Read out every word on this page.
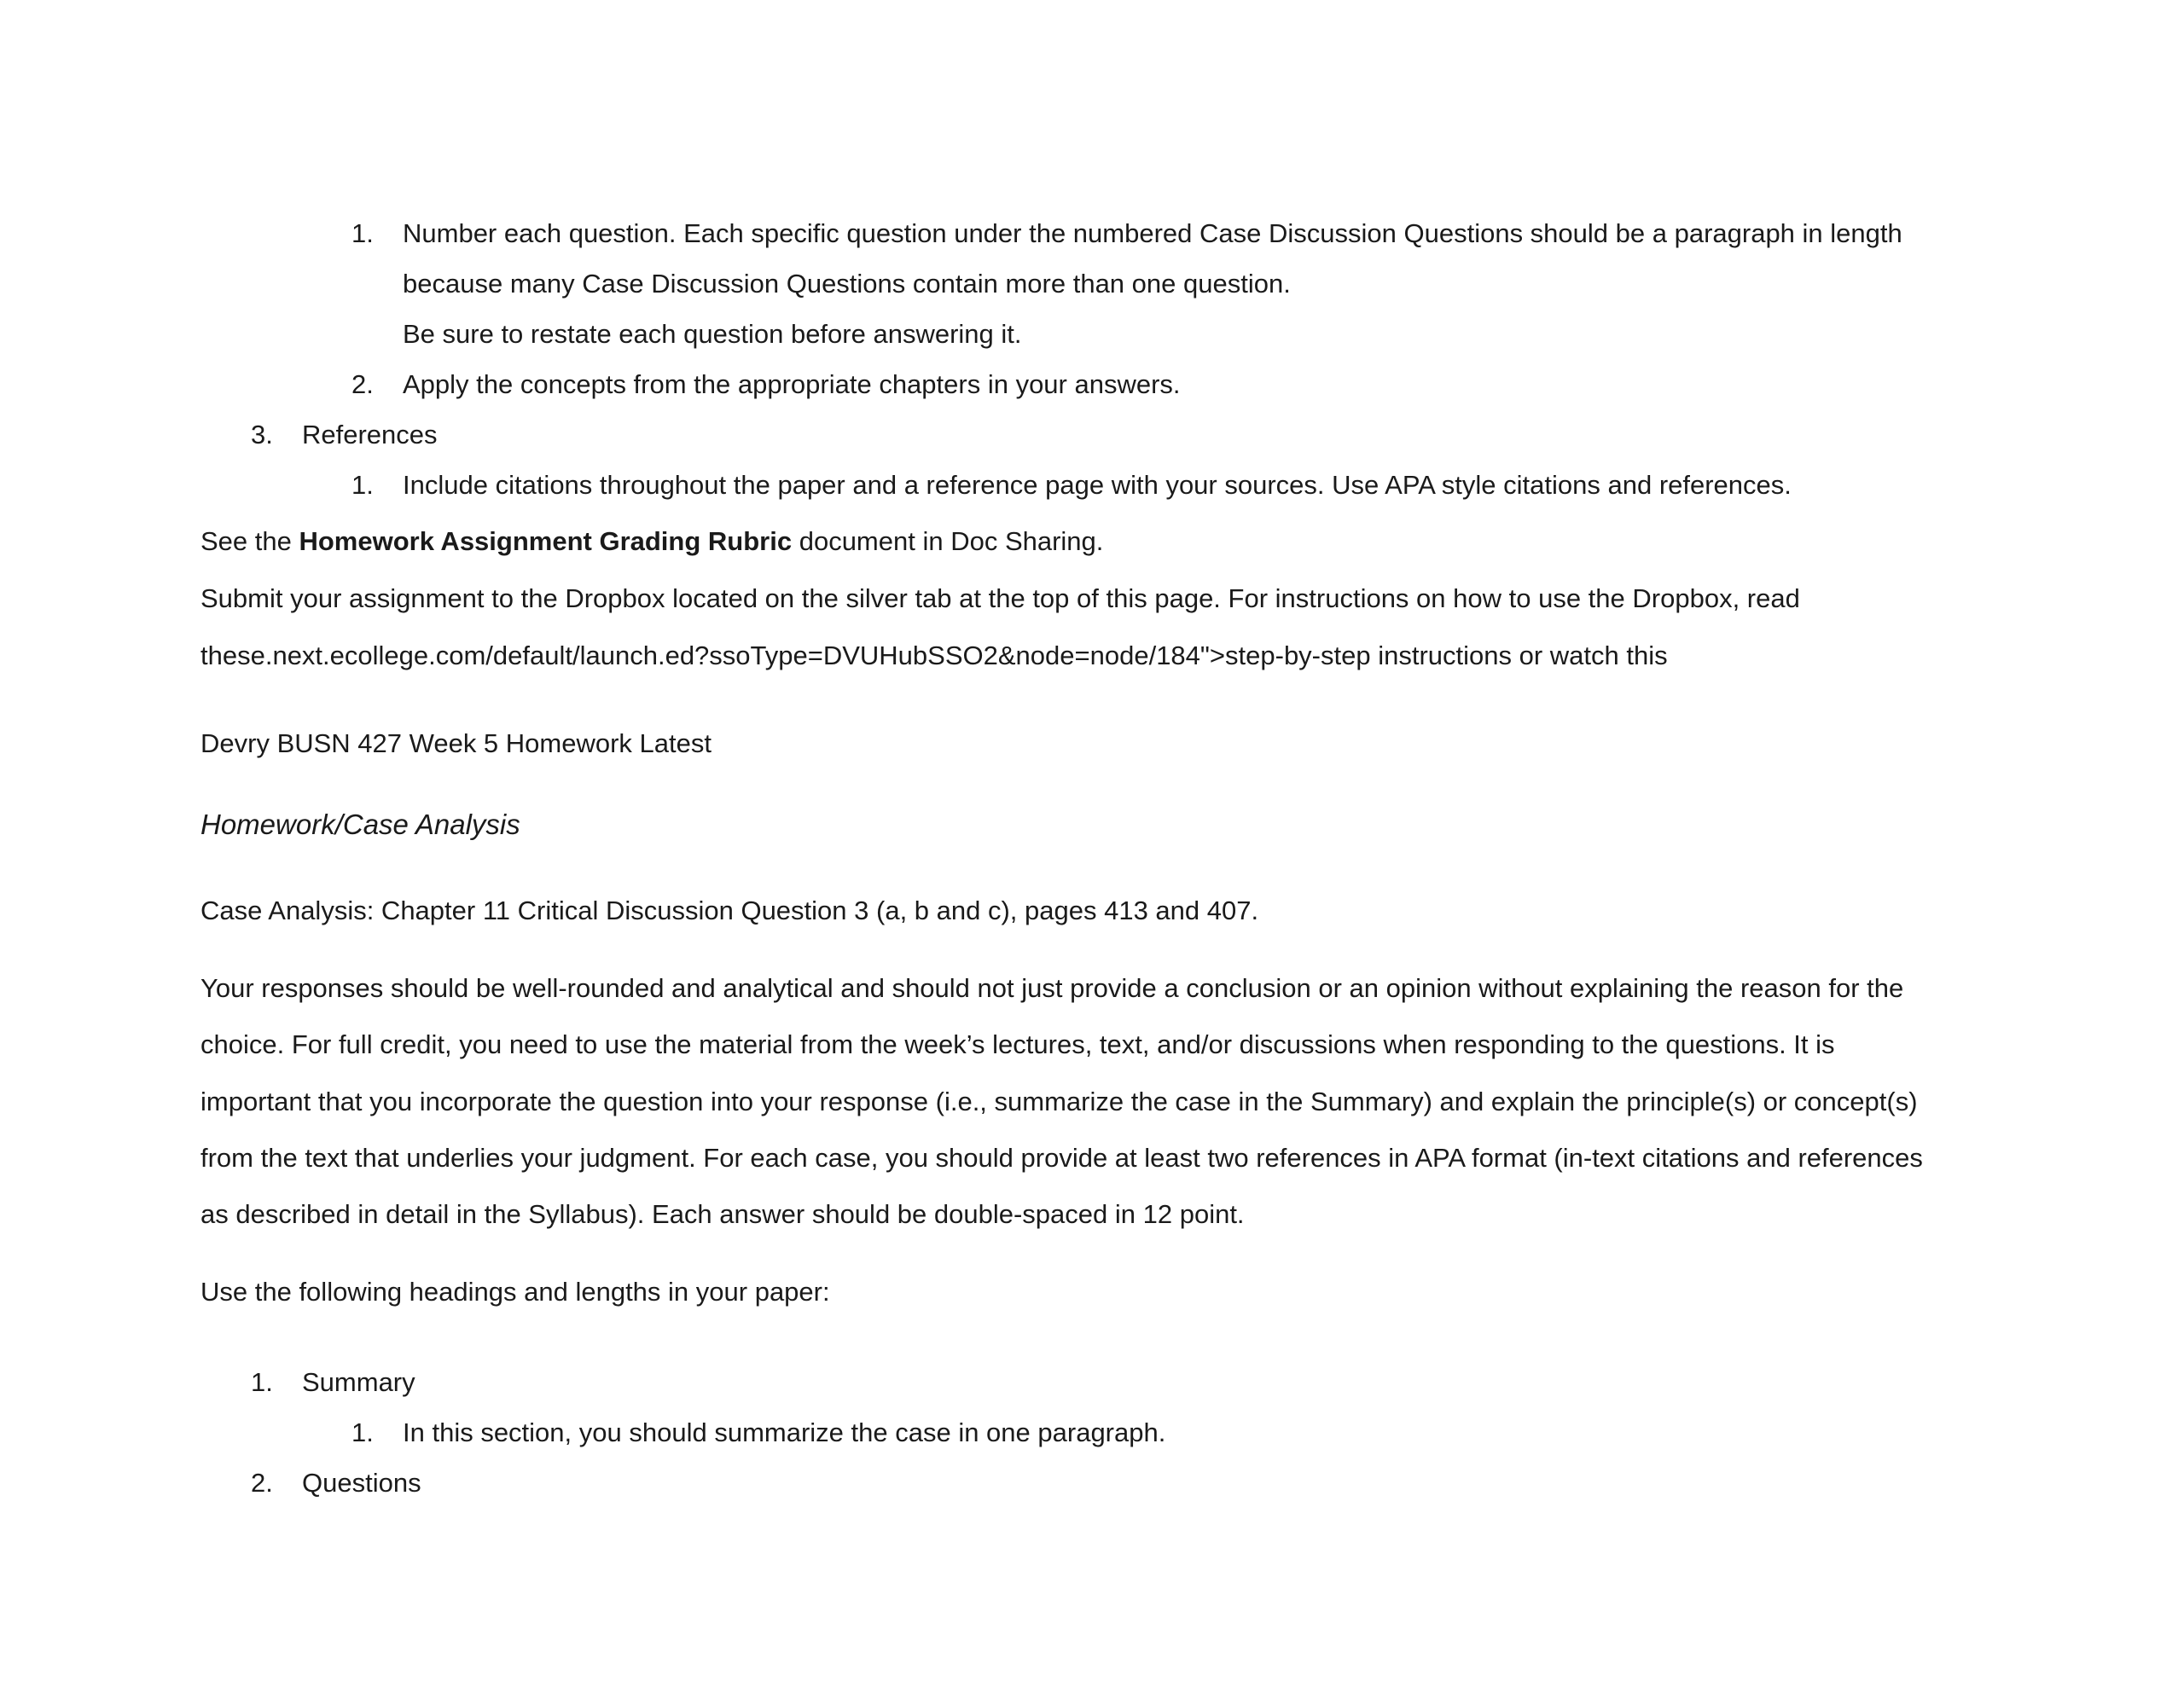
1. Number each question. Each specific question under the numbered Case Discussion Questions should be a paragraph in length
because many Case Discussion Questions contain more than one question.
Be sure to restate each question before answering it.
2. Apply the concepts from the appropriate chapters in your answers.
3. References
1. Include citations throughout the paper and a reference page with your sources. Use APA style citations and references.
See the Homework Assignment Grading Rubric document in Doc Sharing.
Submit your assignment to the Dropbox located on the silver tab at the top of this page. For instructions on how to use the Dropbox, read
these.next.ecollege.com/default/launch.ed?ssoType=DVUHubSSO2&node=node/184">step-by-step instructions or watch this
Devry BUSN 427 Week 5 Homework Latest
Homework/Case Analysis
Case Analysis: Chapter 11 Critical Discussion Question 3 (a, b and c), pages 413 and 407.
Your responses should be well-rounded and analytical and should not just provide a conclusion or an opinion without explaining the reason for the
choice. For full credit, you need to use the material from the week’s lectures, text, and/or discussions when responding to the questions. It is
important that you incorporate the question into your response (i.e., summarize the case in the Summary) and explain the principle(s) or concept(s)
from the text that underlies your judgment. For each case, you should provide at least two references in APA format (in-text citations and references
as described in detail in the Syllabus). Each answer should be double-spaced in 12 point.
Use the following headings and lengths in your paper:
1. Summary
1. In this section, you should summarize the case in one paragraph.
2. Questions
